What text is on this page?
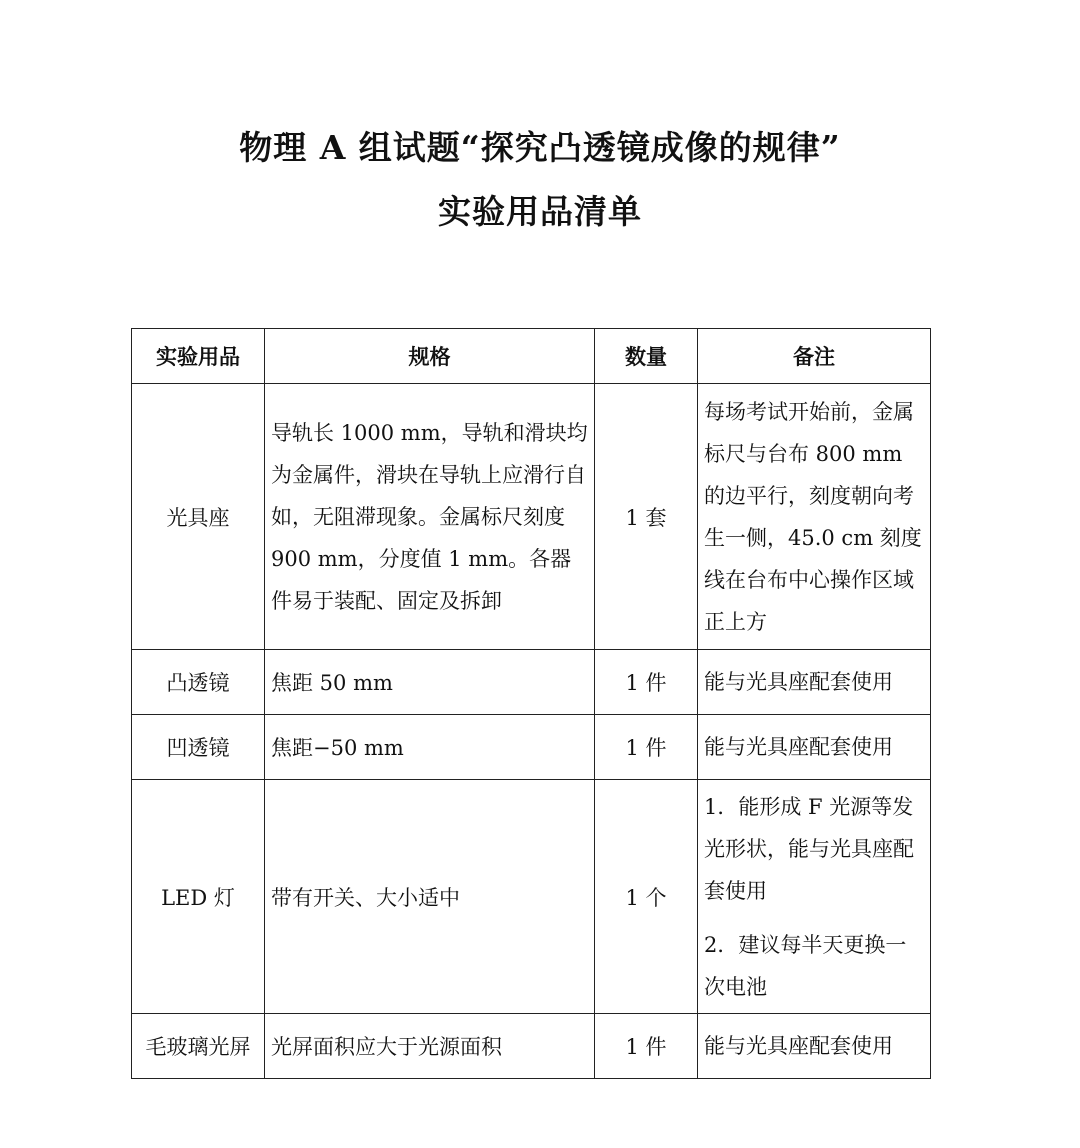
物理 A 组试题“探究凸透镜成像的规律”
实验用品清单
实验用品	规格	数量	备注
光具座	导轨长 1000 mm，导轨和滑块均为金属件，滑块在导轨上应滑行自如，无阻滞现象。金属标尺刻度 900 mm，分度值 1 mm。各器件易于装配、固定及拆卸	1 套	每场考试开始前，金属标尺与台布 800 mm 的边平行，刻度朝向考生一侧，45.0 cm 刻度线在台布中心操作区域正上方

凸透镜	焦距 50 mm	1 件	能与光具座配套使用

凹透镜	焦距−50 mm	1 件	能与光具座配套使用

LED 灯	带有开关、大小适中	1 个	1．能形成 F 光源等发光形状，能与光具座配套使用

2．建议每半天更换一次电池

毛玻璃光屏	光屏面积应大于光源面积	1 件	能与光具座配套使用
